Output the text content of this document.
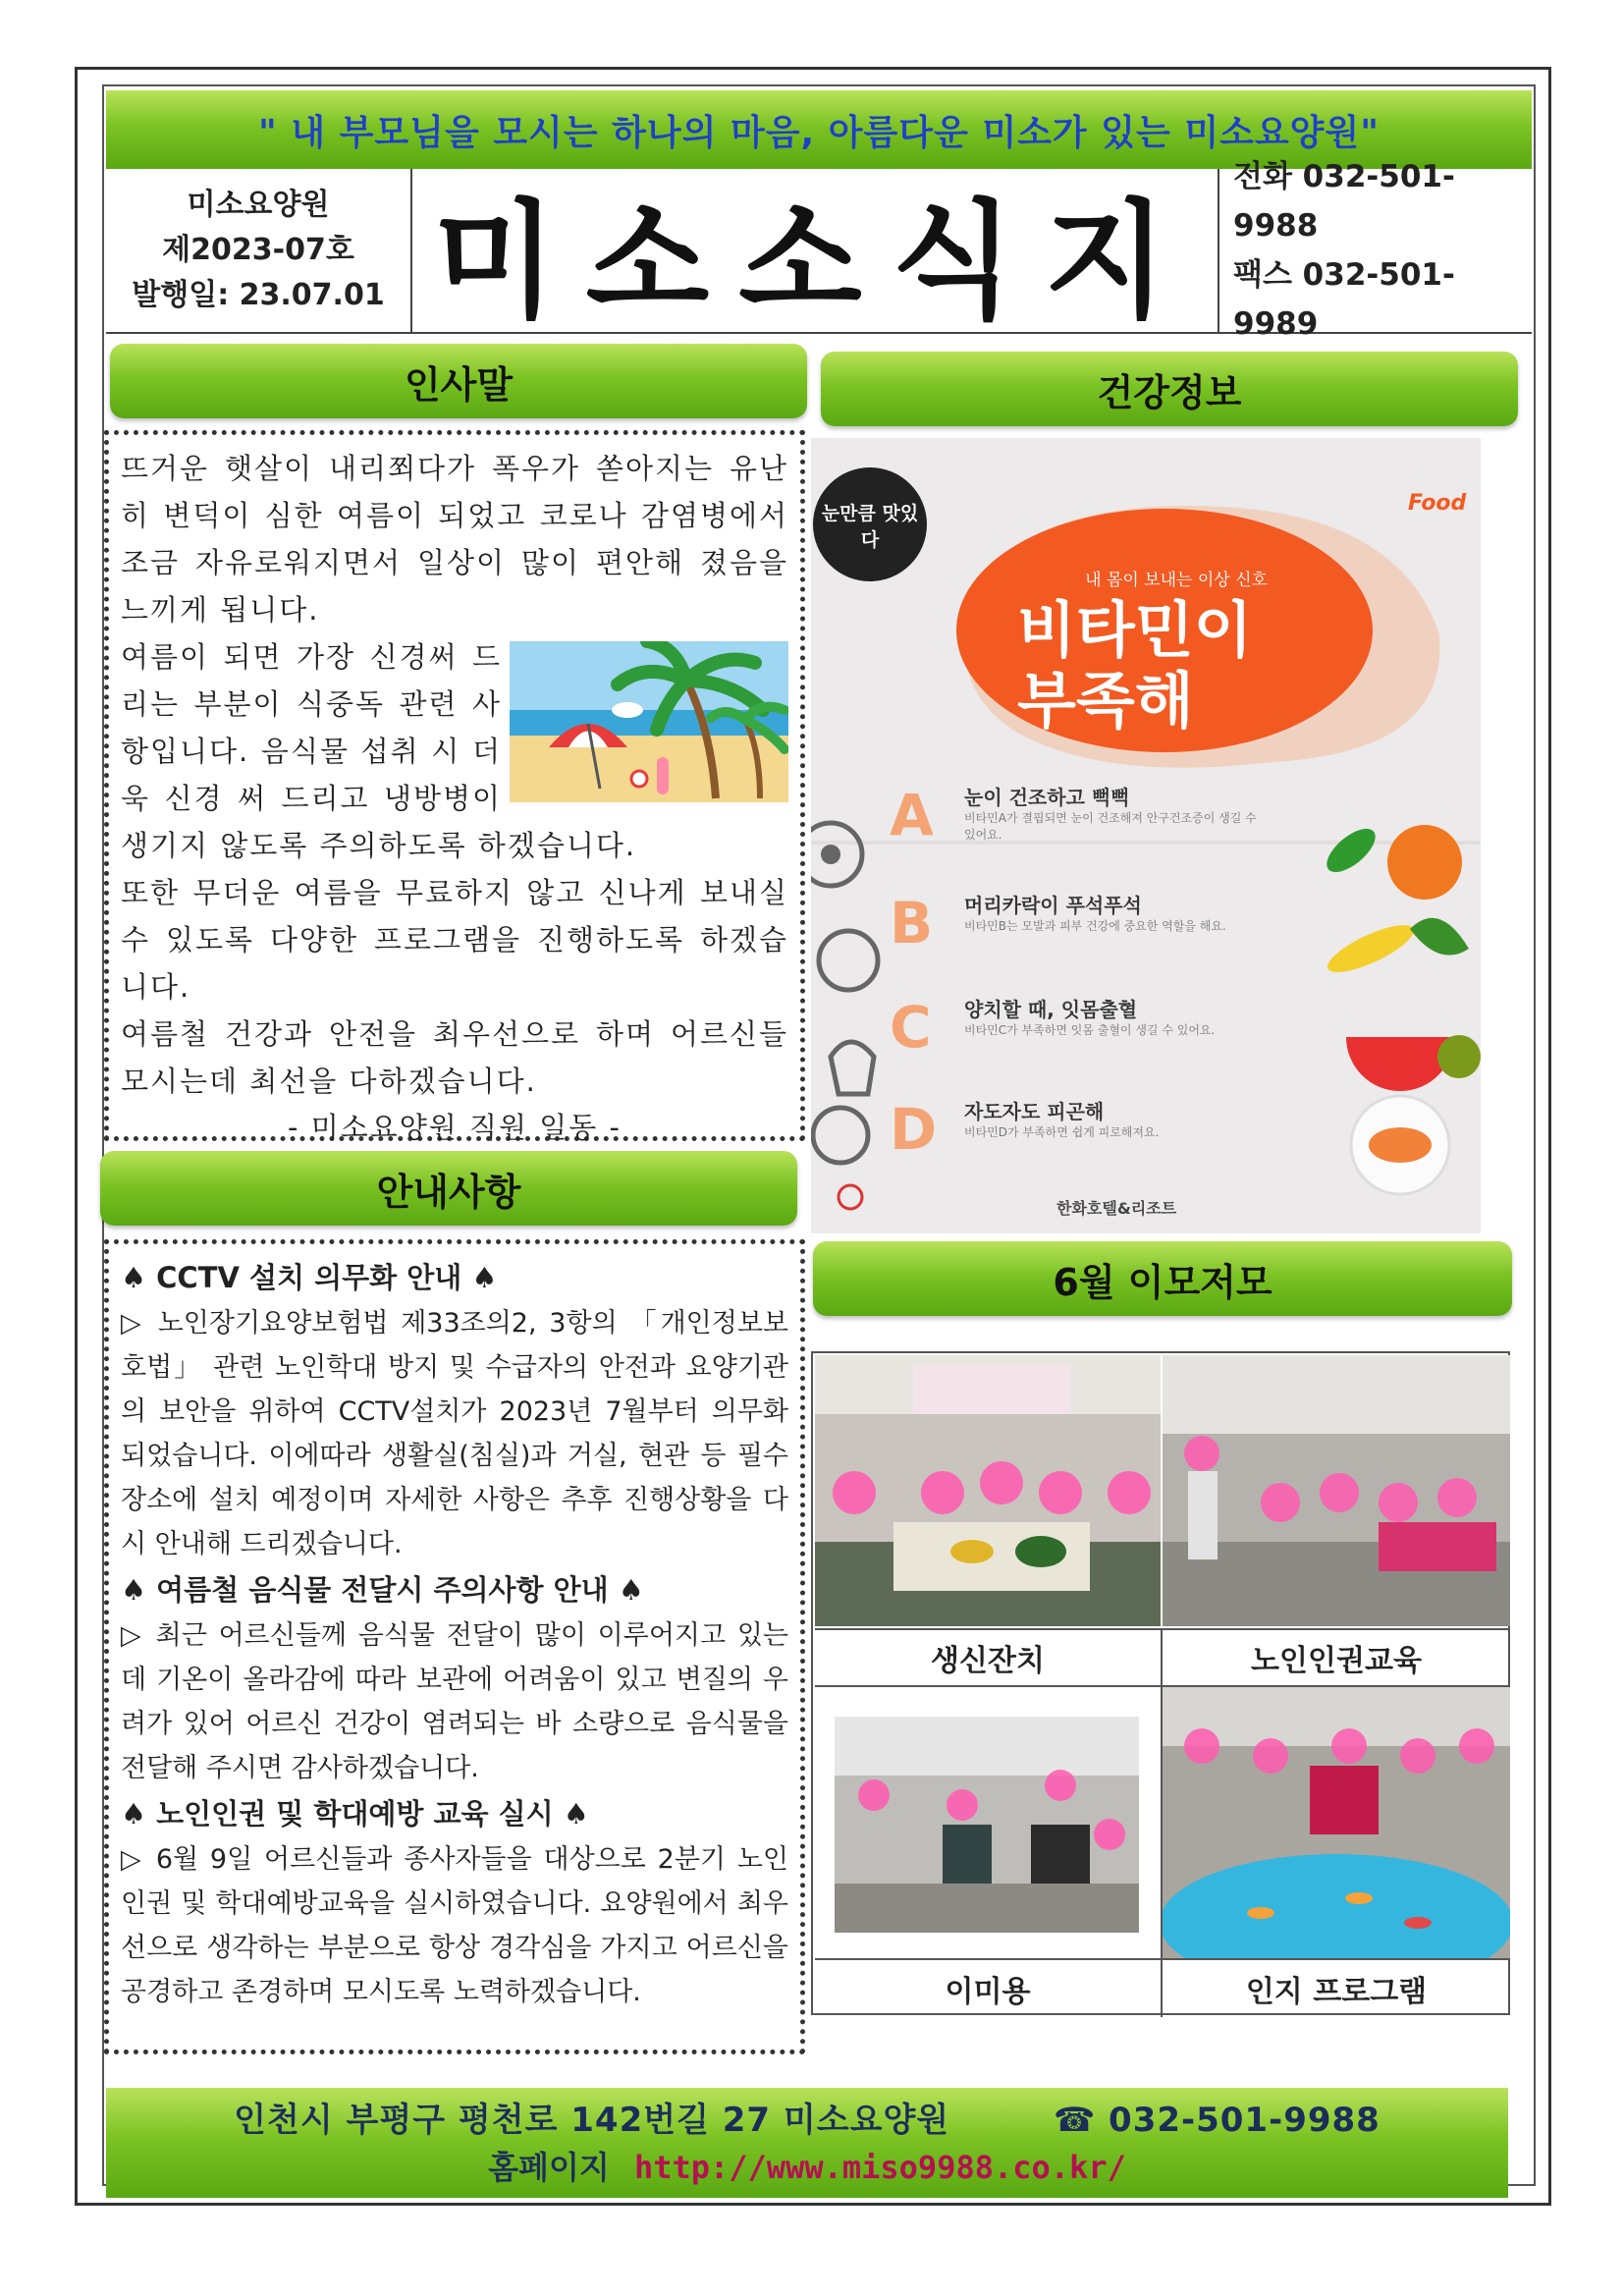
" 내 부모님을 모시는 하나의 마음, 아름다운 미소가 있는 미소요양원"
미소요양원
제2023-07호
발행일: 23.07.01 미소소식지
전화 032-501-9988
팩스 032-501-9989
인사말

뜨거운 햇살이 내리쬐다가 폭우가 쏟아지는 유난히 변덕이 심한 여름이 되었고 코로나 감염병에서 조금 자유로워지면서 일상이 많이 편안해 졌음을 느끼게 됩니다.

여름이 되면 가장 신경써 드리는 부분이 식중독 관련 사항입니다. 음식물 섭취 시 더욱 신경 써 드리고 냉방병이 생기지 않도록 주의하도록 하겠습니다.

또한 무더운 여름을 무료하지 않고 신나게 보내실 수 있도록 다양한 프로그램을 진행하도록 하겠습니다.

여름철 건강과 안전을 최우선으로 하며 어르신들 모시는데 최선을 다하겠습니다.

- 미소요양원 직원 일동 -
안내사항

♠ CCTV 설치 의무화 안내 ♠

▷ 노인장기요양보험법 제33조의2, 3항의 「개인정보보호법」 관련 노인학대 방지 및 수급자의 안전과 요양기관의 보안을 위하여 CCTV설치가 2023년 7월부터 의무화 되었습니다. 이에따라 생활실(침실)과 거실, 현관 등 필수장소에 설치 예정이며 자세한 사항은 추후 진행상황을 다시 안내해 드리겠습니다.

♠ 여름철 음식물 전달시 주의사항 안내 ♠

▷ 최근 어르신들께 음식물 전달이 많이 이루어지고 있는데 기온이 올라감에 따라 보관에 어려움이 있고 변질의 우려가 있어 어르신 건강이 염려되는 바 소량으로 음식물을 전달해 주시면 감사하겠습니다.

♠ 노인인권 및 학대예방 교육 실시 ♠

▷ 6월 9일 어르신들과 종사자들을 대상으로 2분기 노인인권 및 학대예방교육을 실시하였습니다. 요양원에서 최우선으로 생각하는 부분으로 항상 경각심을 가지고 어르신을 공경하고 존경하며 모시도록 노력하겠습니다.

건강정보
눈만큼 맛있다
Food
내 몸이 보내는 이상 신호
비타민이
부족해
A 눈이 건조하고 뻑뻑
비타민A가 결핍되면 눈이 건조해져 안구건조증이 생길 수 있어요.
B 머리카락이 푸석푸석
비타민B는 모발과 피부 건강에 중요한 역할을 해요.
C 양치할 때, 잇몸출혈
비타민C가 부족하면 잇몸 출혈이 생길 수 있어요.
D 자도자도 피곤해
비타민D가 부족하면 쉽게 피로해져요.
한화호텔&리조트
6월 이모저모
생신잔치	노인인권교육
이미용	인지 프로그램
인천시 부평구 평천로 142번길 27 미소요양원	☎ 032-501-9988
홈페이지 http://www.miso9988.co.kr/
